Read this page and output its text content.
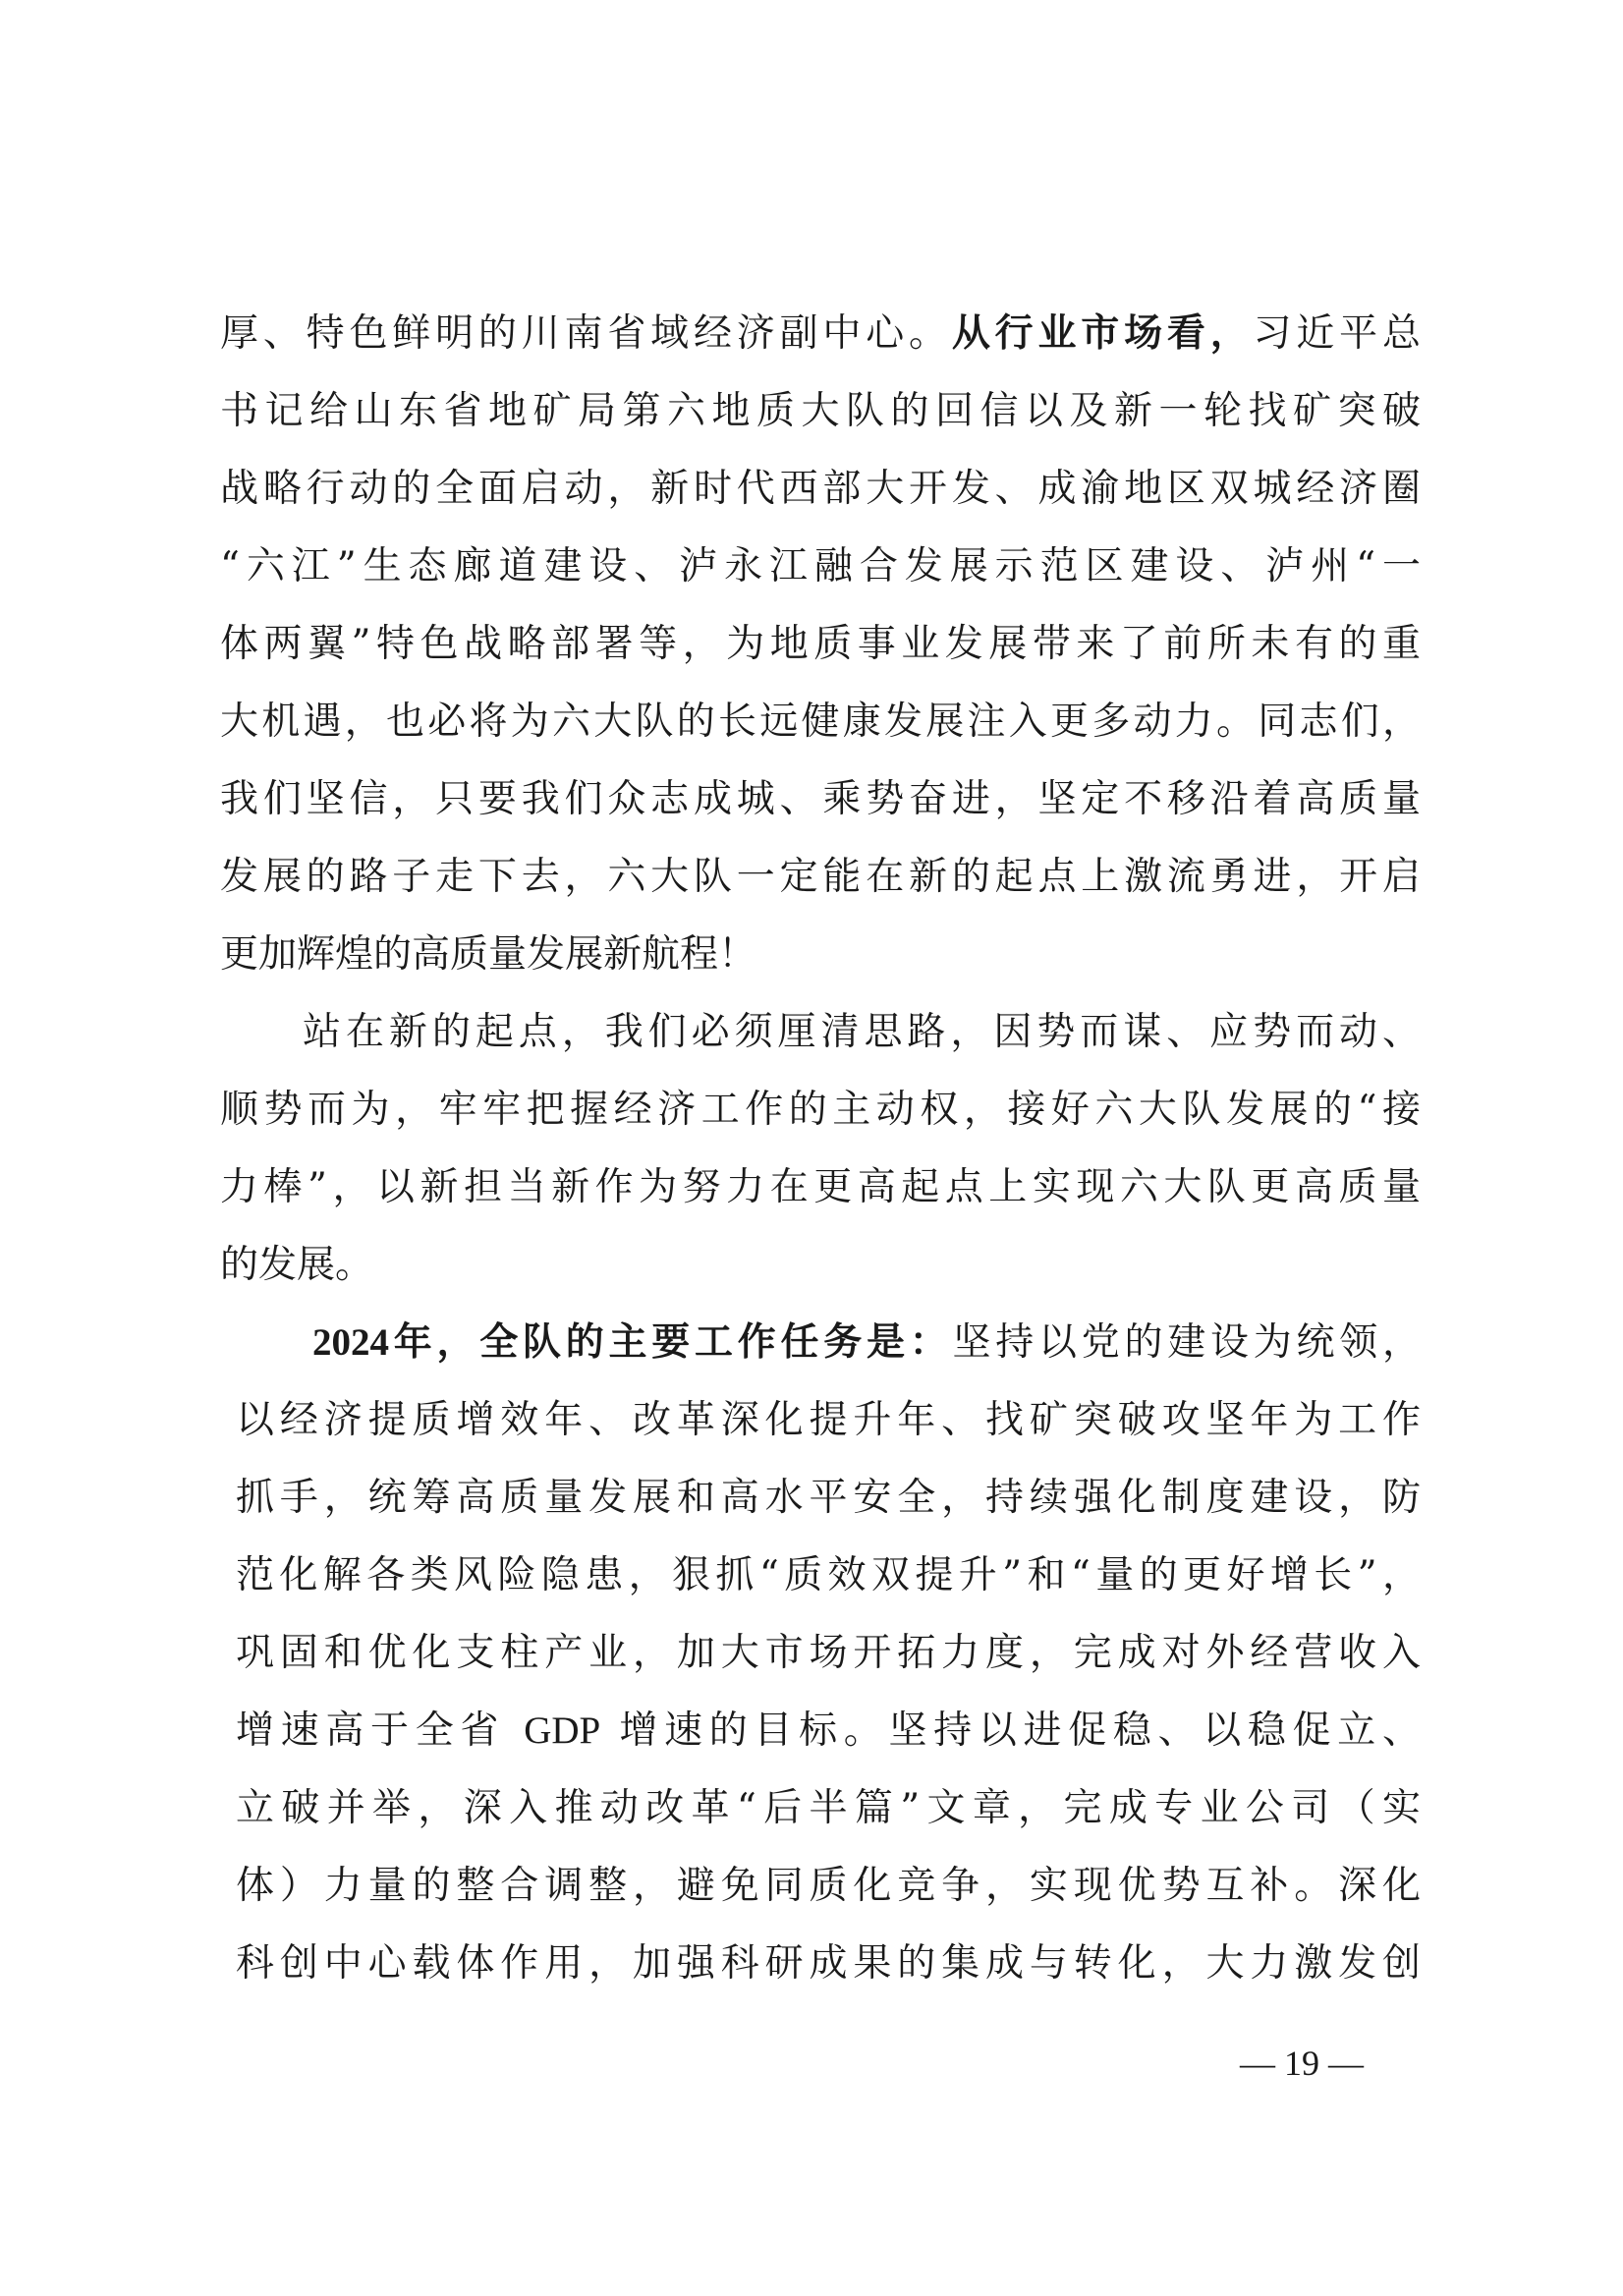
厚、特色鲜明的川南省域经济副中心。从行业市场看，习近平总
书记给山东省地矿局第六地质大队的回信以及新一轮找矿突破
战略行动的全面启动，新时代西部大开发、成渝地区双城经济圈
“六江”生态廊道建设、泸永江融合发展示范区建设、泸州“一
体两翼”特色战略部署等，为地质事业发展带来了前所未有的重
大机遇，也必将为六大队的长远健康发展注入更多动力。同志们，
我们坚信，只要我们众志成城、乘势奋进，坚定不移沿着高质量
发展的路子走下去，六大队一定能在新的起点上激流勇进，开启
更加辉煌的高质量发展新航程！
站在新的起点，我们必须厘清思路，因势而谋、应势而动、
顺势而为，牢牢把握经济工作的主动权，接好六大队发展的“接
力棒”，以新担当新作为努力在更高起点上实现六大队更高质量
的发展。
2024年，全队的主要工作任务是：坚持以党的建设为统领，
以经济提质增效年、改革深化提升年、找矿突破攻坚年为工作
抓手，统筹高质量发展和高水平安全，持续强化制度建设，防
范化解各类风险隐患，狠抓“质效双提升”和“量的更好增长”，
巩固和优化支柱产业，加大市场开拓力度，完成对外经营收入
增速高于全省 GDP 增速的目标。坚持以进促稳、以稳促立、
立破并举，深入推动改革“后半篇”文章，完成专业公司（实
体）力量的整合调整，避免同质化竞争，实现优势互补。深化
科创中心载体作用，加强科研成果的集成与转化，大力激发创
— 19 —
